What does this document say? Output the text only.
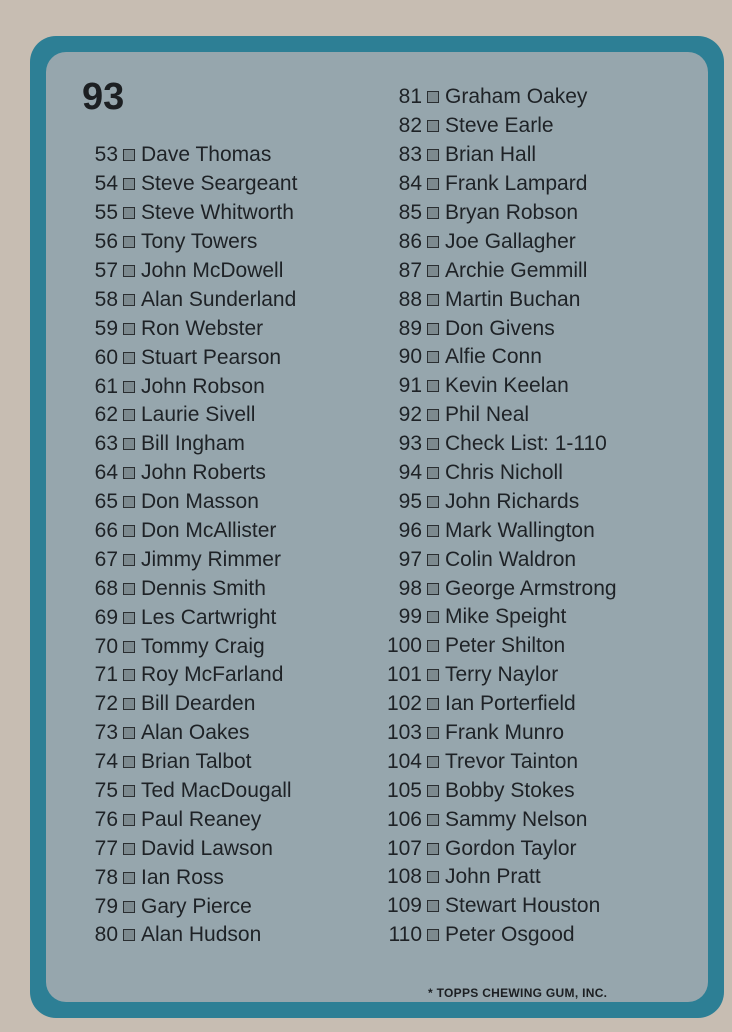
93
53 Dave Thomas
54 Steve Seargeant
55 Steve Whitworth
56 Tony Towers
57 John McDowell
58 Alan Sunderland
59 Ron Webster
60 Stuart Pearson
61 John Robson
62 Laurie Sivell
63 Bill Ingham
64 John Roberts
65 Don Masson
66 Don McAllister
67 Jimmy Rimmer
68 Dennis Smith
69 Les Cartwright
70 Tommy Craig
71 Roy McFarland
72 Bill Dearden
73 Alan Oakes
74 Brian Talbot
75 Ted MacDougall
76 Paul Reaney
77 David Lawson
78 Ian Ross
79 Gary Pierce
80 Alan Hudson
81 Graham Oakey
82 Steve Earle
83 Brian Hall
84 Frank Lampard
85 Bryan Robson
86 Joe Gallagher
87 Archie Gemmill
88 Martin Buchan
89 Don Givens
90 Alfie Conn
91 Kevin Keelan
92 Phil Neal
93 Check List: 1-110
94 Chris Nicholl
95 John Richards
96 Mark Wallington
97 Colin Waldron
98 George Armstrong
99 Mike Speight
100 Peter Shilton
101 Terry Naylor
102 Ian Porterfield
103 Frank Munro
104 Trevor Tainton
105 Bobby Stokes
106 Sammy Nelson
107 Gordon Taylor
108 John Pratt
109 Stewart Houston
110 Peter Osgood
* TOPPS CHEWING GUM, INC.
